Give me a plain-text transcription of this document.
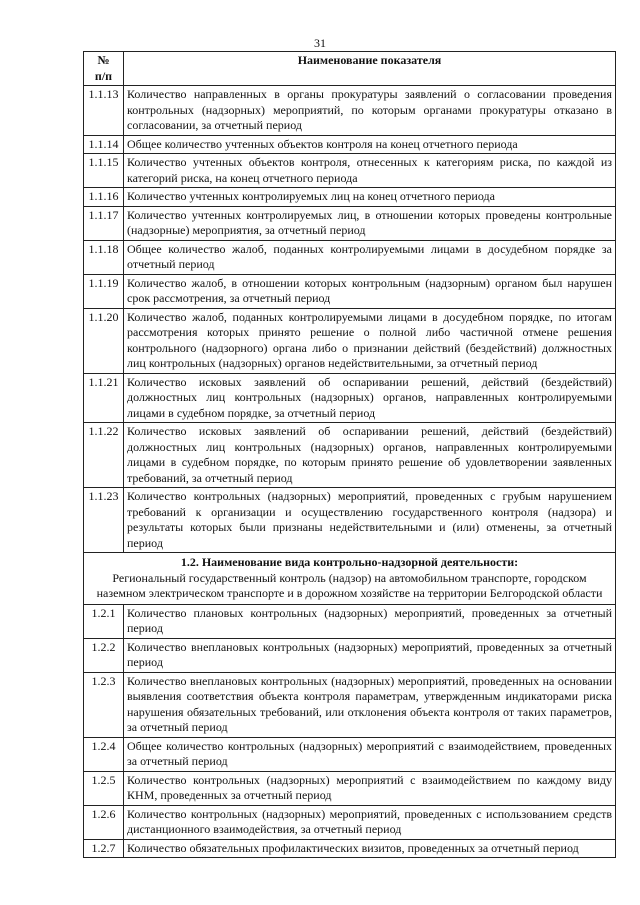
31
№
п/п	Наименование показателя
1.1.13	Количество направленных в органы прокуратуры заявлений о согласовании проведения контрольных (надзорных) мероприятий, по которым органами прокуратуры отказано в согласовании, за отчетный период
1.1.14	Общее количество учтенных объектов контроля на конец отчетного периода
1.1.15	Количество учтенных объектов контроля, отнесенных к категориям риска, по каждой из категорий риска, на конец отчетного периода
1.1.16	Количество учтенных контролируемых лиц на конец отчетного периода
1.1.17	Количество учтенных контролируемых лиц, в отношении которых проведены контрольные (надзорные) мероприятия, за отчетный период
1.1.18	Общее количество жалоб, поданных контролируемыми лицами в досудебном порядке за отчетный период
1.1.19	Количество жалоб, в отношении которых контрольным (надзорным) органом был нарушен срок рассмотрения, за отчетный период
1.1.20	Количество жалоб, поданных контролируемыми лицами в досудебном порядке, по итогам рассмотрения которых принято решение о полной либо частичной отмене решения контрольного (надзорного) органа либо о признании действий (бездействий) должностных лиц контрольных (надзорных) органов недействительными, за отчетный период
1.1.21	Количество исковых заявлений об оспаривании решений, действий (бездействий) должностных лиц контрольных (надзорных) органов, направленных контролируемыми лицами в судебном порядке, за отчетный период
1.1.22	Количество исковых заявлений об оспаривании решений, действий (бездействий) должностных лиц контрольных (надзорных) органов, направленных контролируемыми лицами в судебном порядке, по которым принято решение об удовлетворении заявленных требований, за отчетный период
1.1.23	Количество контрольных (надзорных) мероприятий, проведенных с грубым нарушением требований к организации и осуществлению государственного контроля (надзора) и результаты которых были признаны недействительными и (или) отменены, за отчетный период

1.2. Наименование вида контрольно-надзорной деятельности:
Региональный государственный контроль (надзор) на автомобильном транспорте, городском наземном электрическом транспорте и в дорожном хозяйстве на территории Белгородской области	

1.2.1	Количество плановых контрольных (надзорных) мероприятий, проведенных за отчетный период
1.2.2	Количество внеплановых контрольных (надзорных) мероприятий, проведенных за отчетный период
1.2.3	Количество внеплановых контрольных (надзорных) мероприятий, проведенных на основании выявления соответствия объекта контроля параметрам, утвержденным индикаторами риска нарушения обязательных требований, или отклонения объекта контроля от таких параметров, за отчетный период
1.2.4	Общее количество контрольных (надзорных) мероприятий с взаимодействием, проведенных за отчетный период
1.2.5	Количество контрольных (надзорных) мероприятий с взаимодействием по каждому виду КНМ, проведенных за отчетный период
1.2.6	Количество контрольных (надзорных) мероприятий, проведенных с использованием средств дистанционного взаимодействия, за отчетный период
1.2.7	Количество обязательных профилактических визитов, проведенных за отчетный период
